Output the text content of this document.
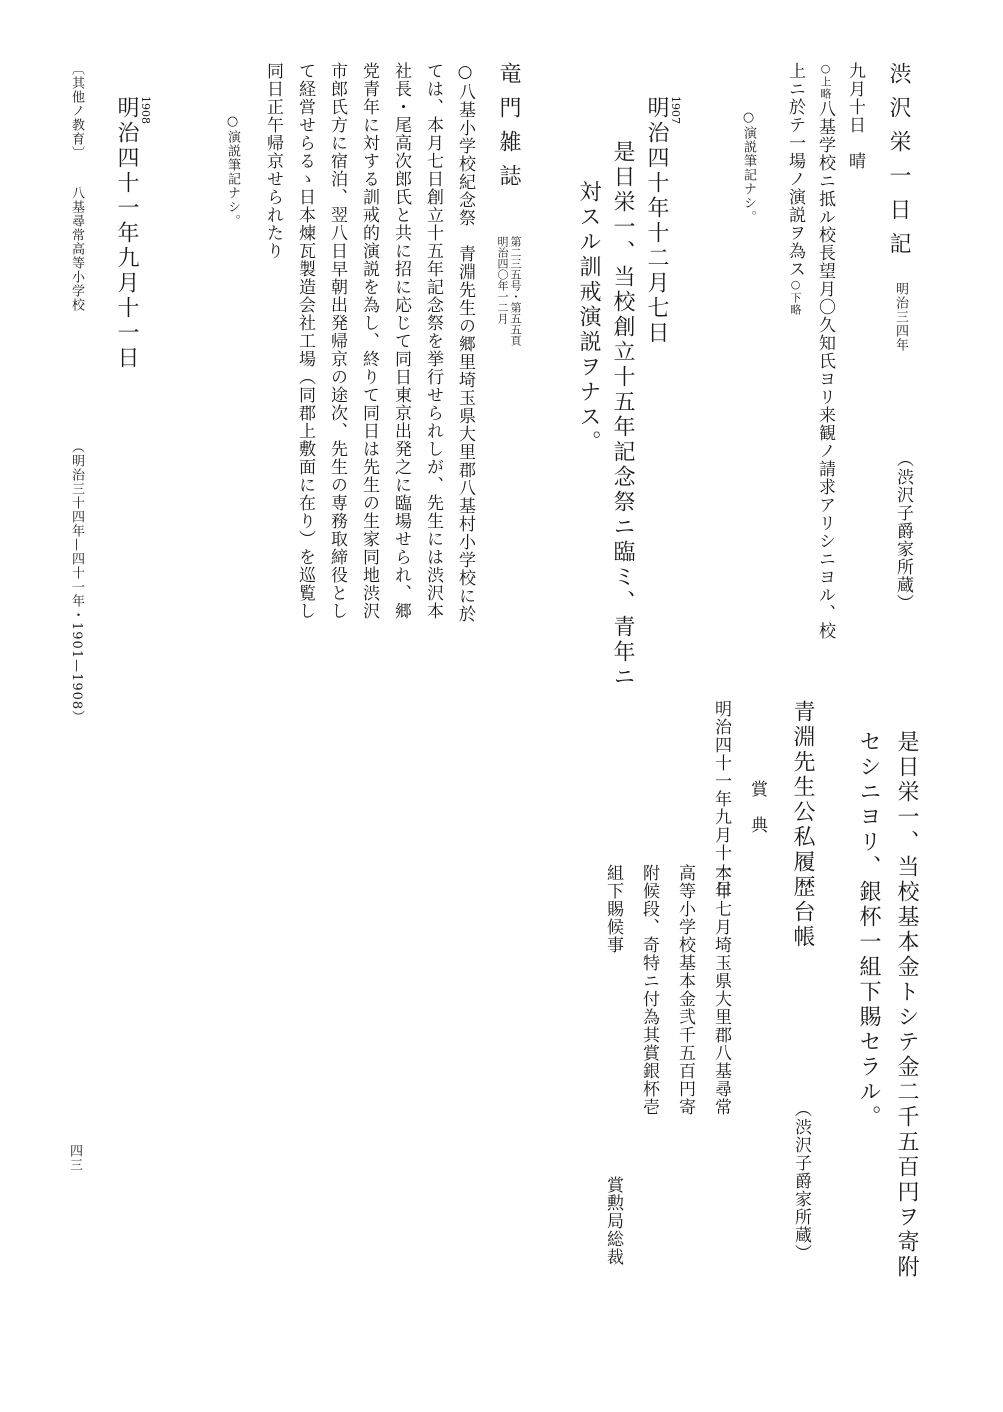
渋沢栄一日記
明治三四年
（渋沢子爵家所蔵）
九月十日　晴
○上略八基学校ニ抵ル校長望月〇久知氏ヨリ来観ノ請求アリシニヨル、校
上ニ於テ一場ノ演説ヲ為ス○下略
○演説筆記ナシ。
1907
明治四十年十二月七日
是日栄一、当校創立十五年記念祭ニ臨ミ、青年ニ
対スル訓戒演説ヲナス。
竜門雑誌
第二三五号・第五五頁
明治四〇年一二月
○八基小学校紀念祭　青淵先生の郷里埼玉県大里郡八基村小学校に於
ては、本月七日創立十五年記念祭を挙行せられしが、先生には渋沢本
社長・尾高次郎氏と共に招に応じて同日東京出発之に臨場せられ、郷
党青年に対する訓戒的演説を為し、終りて同日は先生の生家同地渋沢
市郎氏方に宿泊、翌八日早朝出発帰京の途次、先生の専務取締役とし
て経営せらるゝ日本煉瓦製造会社工場（同郡上敷面に在り）を巡覧し
同日正午帰京せられたり
○演説筆記ナシ。
1908
明治四十一年九月十一日
是日栄一、当校基本金トシテ金二千五百円ヲ寄附
セシニヨリ、銀杯一組下賜セラル。
青淵先生公私履歴台帳
（渋沢子爵家所蔵）
賞　典
明治四十一年九月十一日
本年七月埼玉県大里郡八基尋常
高等小学校基本金弐千五百円寄
附候段、奇特ニ付為其賞銀杯壱
組下賜候事
賞勲局総裁
〔其他ノ教育〕
八基尋常高等小学校
（明治三十四年—四十一年・1901—1908）
四三
